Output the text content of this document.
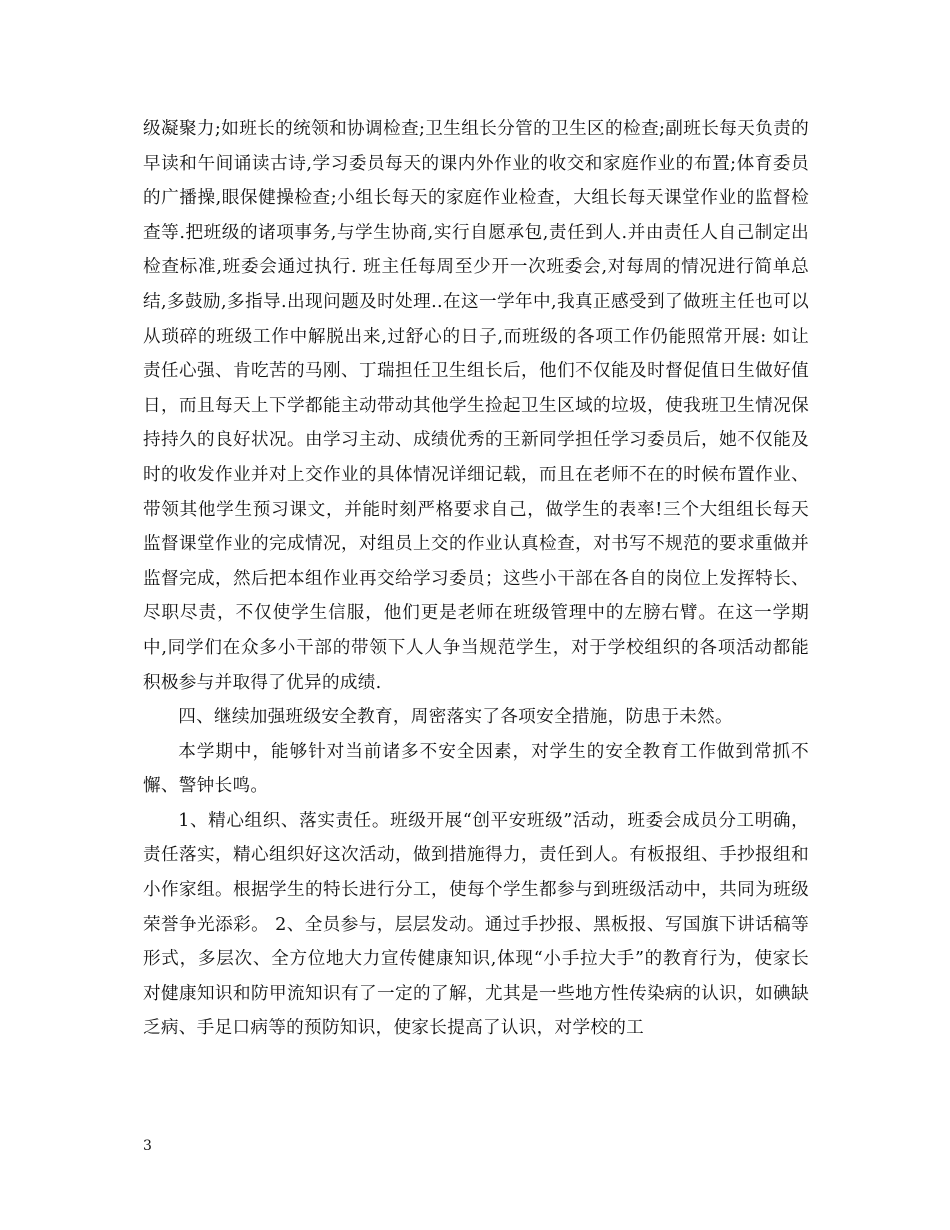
级凝聚力;如班长的统领和协调检查;卫生组长分管的卫生区的检查;副班长每天负责的早读和午间诵读古诗,学习委员每天的课内外作业的收交和家庭作业的布置;体育委员的广播操,眼保健操检查;小组长每天的家庭作业检查，大组长每天课堂作业的监督检查等.把班级的诸项事务,与学生协商,实行自愿承包,责任到人.并由责任人自己制定出检查标准,班委会通过执行. 班主任每周至少开一次班委会,对每周的情况进行简单总结,多鼓励,多指导.出现问题及时处理..在这一学年中,我真正感受到了做班主任也可以从琐碎的班级工作中解脱出来,过舒心的日子,而班级的各项工作仍能照常开展: 如让责任心强、肯吃苦的马刚、丁瑞担任卫生组长后，他们不仅能及时督促值日生做好值日，而且每天上下学都能主动带动其他学生捡起卫生区域的垃圾，使我班卫生情况保持持久的良好状况。由学习主动、成绩优秀的王新同学担任学习委员后，她不仅能及时的收发作业并对上交作业的具体情况详细记载，而且在老师不在的时候布置作业、带领其他学生预习课文，并能时刻严格要求自己，做学生的表率!三个大组组长每天监督课堂作业的完成情况，对组员上交的作业认真检查，对书写不规范的要求重做并监督完成，然后把本组作业再交给学习委员；这些小干部在各自的岗位上发挥特长、尽职尽责，不仅使学生信服，他们更是老师在班级管理中的左膀右臂。在这一学期中,同学们在众多小干部的带领下人人争当规范学生，对于学校组织的各项活动都能积极参与并取得了优异的成绩.

四、继续加强班级安全教育，周密落实了各项安全措施，防患于未然。

本学期中，能够针对当前诸多不安全因素，对学生的安全教育工作做到常抓不懈、警钟长鸣。

1、精心组织、落实责任。班级开展“创平安班级”活动，班委会成员分工明确，责任落实，精心组织好这次活动，做到措施得力，责任到人。有板报组、手抄报组和小作家组。根据学生的特长进行分工，使每个学生都参与到班级活动中，共同为班级荣誉争光添彩。 2、全员参与，层层发动。通过手抄报、黑板报、写国旗下讲话稿等形式，多层次、全方位地大力宣传健康知识,体现“小手拉大手”的教育行为，使家长对健康知识和防甲流知识有了一定的了解，尤其是一些地方性传染病的认识，如碘缺乏病、手足口病等的预防知识，使家长提高了认识，对学校的工

3
